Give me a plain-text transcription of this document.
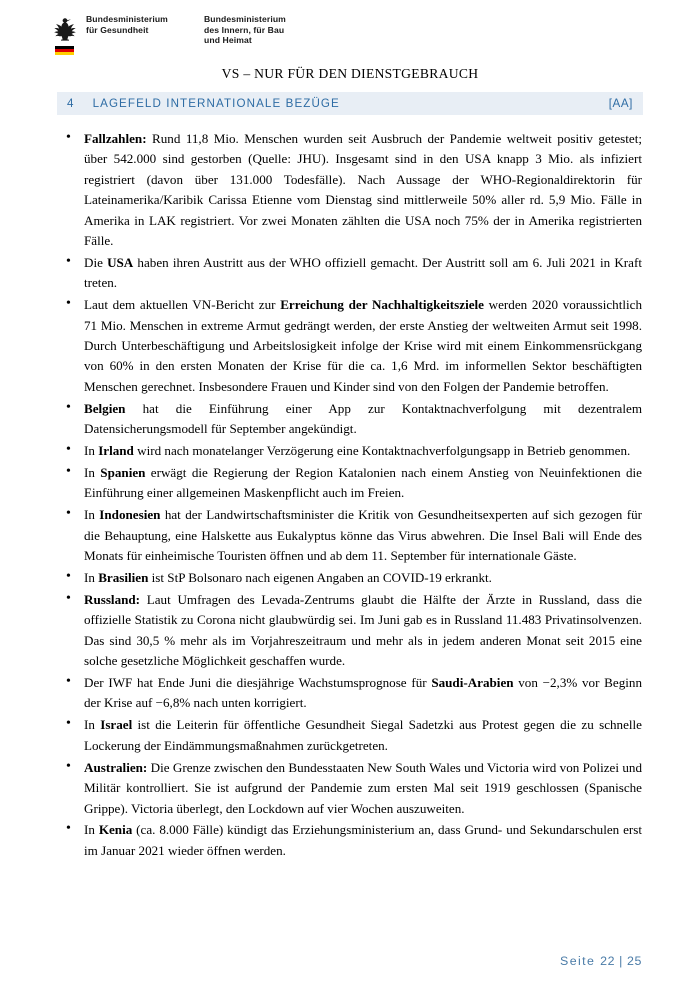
Bundesministerium
für Gesundheit
Bundesministerium
des Innern, für Bau
und Heimat
VS – NUR FÜR DEN DIENSTGEBRAUCH
4 LAGEFELD INTERNATIONALE BEZÜGE	[AA]
• Fallzahlen: Rund 11,8 Mio. Menschen wurden seit Ausbruch der Pandemie weltweit positiv getestet; über 542.000 sind gestorben (Quelle: JHU). Insgesamt sind in den USA knapp 3 Mio. als infiziert registriert (davon über 131.000 Todesfälle). Nach Aussage der WHO-Regionaldirektorin für Lateinamerika/Karibik Carissa Etienne vom Dienstag sind mittlerweile 50% aller rd. 5,9 Mio. Fälle in Amerika in LAK registriert. Vor zwei Monaten zählten die USA noch 75% der in Amerika registrierten Fälle.
• Die USA haben ihren Austritt aus der WHO offiziell gemacht. Der Austritt soll am 6. Juli 2021 in Kraft treten.
• Laut dem aktuellen VN-Bericht zur Erreichung der Nachhaltigkeitsziele werden 2020 voraussichtlich 71 Mio. Menschen in extreme Armut gedrängt werden, der erste Anstieg der weltweiten Armut seit 1998. Durch Unterbeschäftigung und Arbeitslosigkeit infolge der Krise wird mit einem Einkommensrückgang von 60% in den ersten Monaten der Krise für die ca. 1,6 Mrd. im informellen Sektor beschäftigten Menschen gerechnet. Insbesondere Frauen und Kinder sind von den Folgen der Pandemie betroffen.
• Belgien hat die Einführung einer App zur Kontaktnachverfolgung mit dezentralem Datensicherungsmodell für September angekündigt.
• In Irland wird nach monatelanger Verzögerung eine Kontaktnachverfolgungsapp in Betrieb genommen.
• In Spanien erwägt die Regierung der Region Katalonien nach einem Anstieg von Neuinfektionen die Einführung einer allgemeinen Maskenpflicht auch im Freien.
• In Indonesien hat der Landwirtschaftsminister die Kritik von Gesundheitsexperten auf sich gezogen für die Behauptung, eine Halskette aus Eukalyptus könne das Virus abwehren. Die Insel Bali will Ende des Monats für einheimische Touristen öffnen und ab dem 11. September für internationale Gäste.
• In Brasilien ist StP Bolsonaro nach eigenen Angaben an COVID-19 erkrankt.
• Russland: Laut Umfragen des Levada-Zentrums glaubt die Hälfte der Ärzte in Russland, dass die offizielle Statistik zu Corona nicht glaubwürdig sei. Im Juni gab es in Russland 11.483 Privatinsolvenzen. Das sind 30,5 % mehr als im Vorjahreszeitraum und mehr als in jedem anderen Monat seit 2015 eine solche gesetzliche Möglichkeit geschaffen wurde.
• Der IWF hat Ende Juni die diesjährige Wachstumsprognose für Saudi-Arabien von −2,3% vor Beginn der Krise auf −6,8% nach unten korrigiert.
• In Israel ist die Leiterin für öffentliche Gesundheit Siegal Sadetzki aus Protest gegen die zu schnelle Lockerung der Eindämmungsmaßnahmen zurückgetreten.
• Australien: Die Grenze zwischen den Bundesstaaten New South Wales und Victoria wird von Polizei und Militär kontrolliert. Sie ist aufgrund der Pandemie zum ersten Mal seit 1919 geschlossen (Spanische Grippe). Victoria überlegt, den Lockdown auf vier Wochen auszuweiten.
• In Kenia (ca. 8.000 Fälle) kündigt das Erziehungsministerium an, dass Grund- und Sekundarschulen erst im Januar 2021 wieder öffnen werden.
Seite 22 | 25
